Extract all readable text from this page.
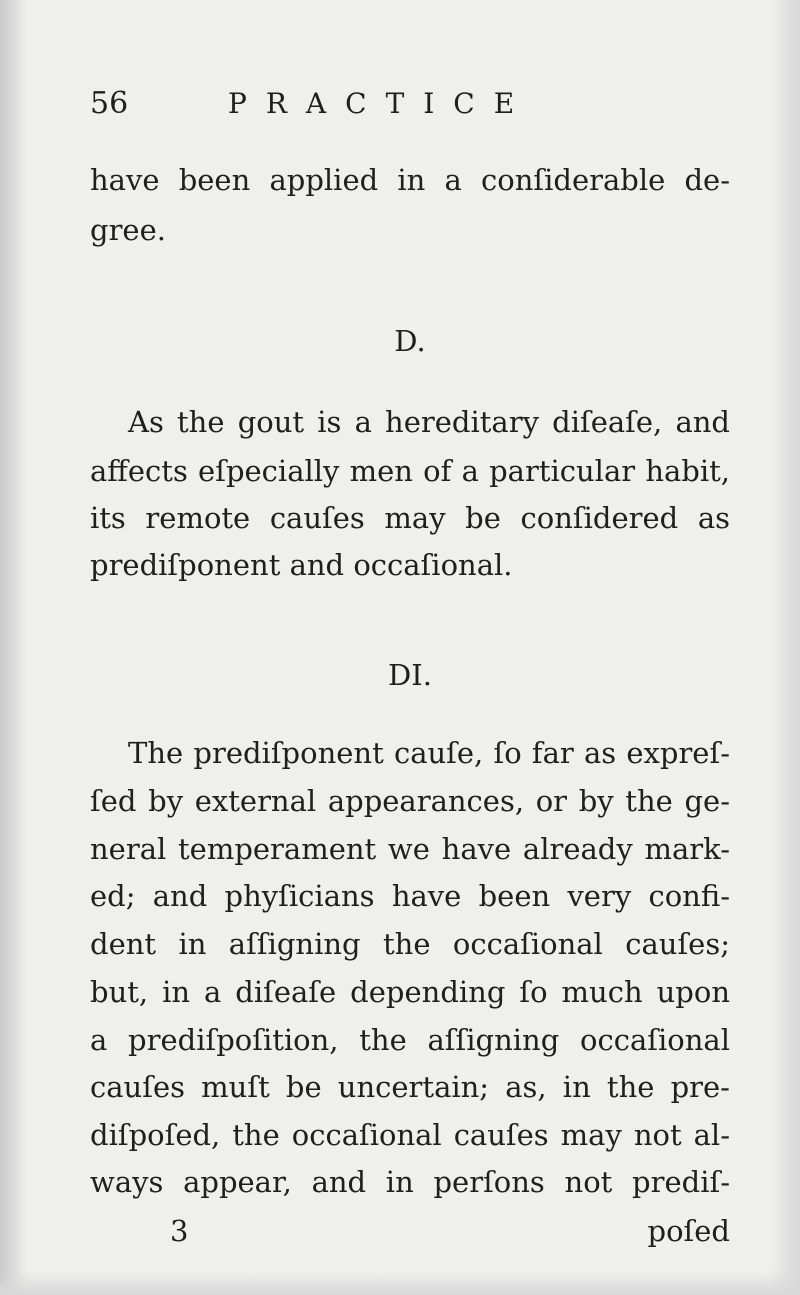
56	PRACTICE
have been applied in a conſiderable de-
gree.
D.
As the gout is a hereditary diſeaſe, and
affects eſpecially men of a particular habit,
its remote cauſes may be conſidered as
prediſponent and occaſional.
DI.
The prediſponent cauſe, ſo far as expreſ-
ſed by external appearances, or by the ge-
neral temperament we have already mark-
ed; and phyſicians have been very confi-
dent in aſſigning the occaſional cauſes;
but, in a diſeaſe depending ſo much upon
a prediſpoſition, the aſſigning occaſional
cauſes muſt be uncertain; as, in the pre-
diſpoſed, the occaſional cauſes may not al-
ways appear, and in perſons not prediſ-
3	poſed
